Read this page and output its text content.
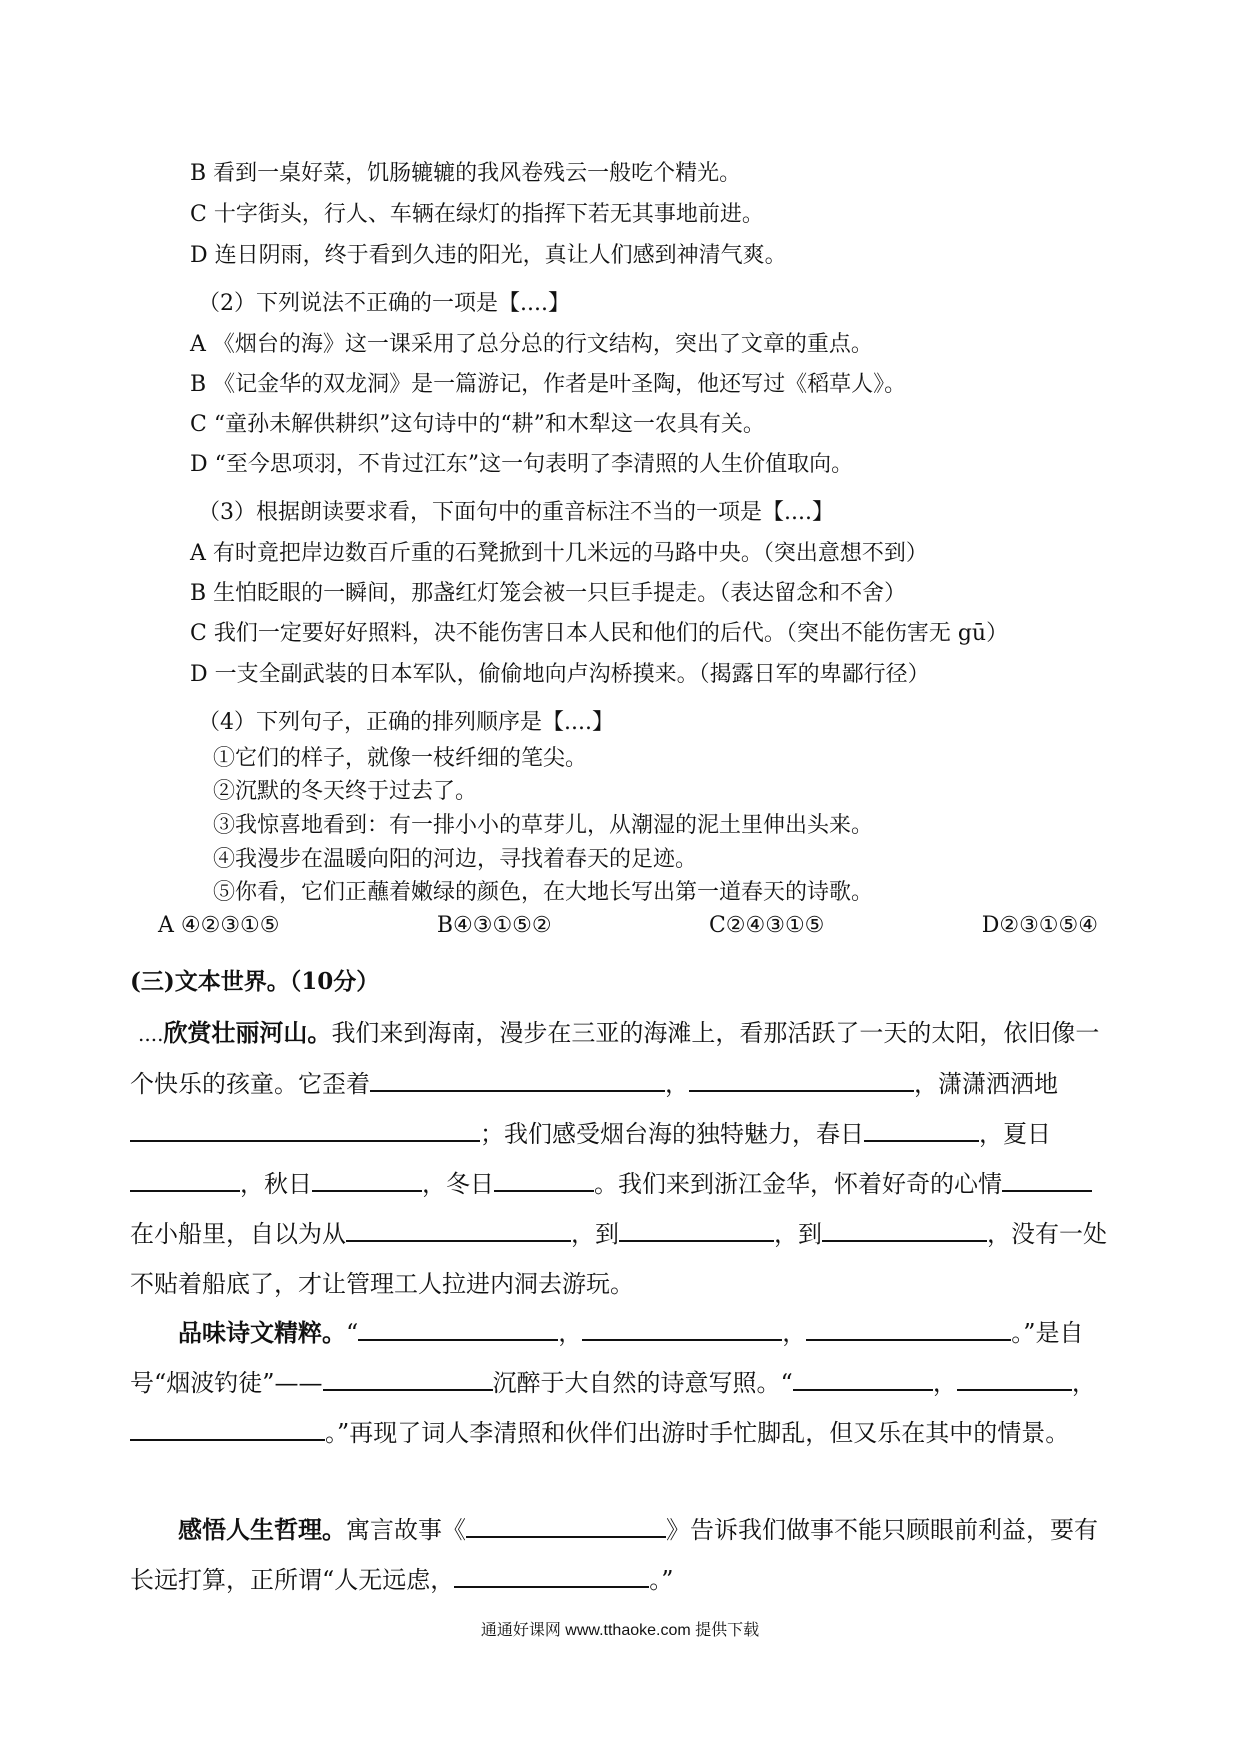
B 看到一桌好菜，饥肠辘辘的我风卷残云一般吃个精光。
C 十字街头，行人、车辆在绿灯的指挥下若无其事地前进。
D 连日阴雨，终于看到久违的阳光，真让人们感到神清气爽。
（2）下列说法不正确的一项是【....】
A 《烟台的海》这一课采用了总分总的行文结构，突出了文章的重点。
B 《记金华的双龙洞》是一篇游记，作者是叶圣陶，他还写过《稻草人》。
C “童孙未解供耕织”这句诗中的“耕”和木犁这一农具有关。
D “至今思项羽，不肯过江东”这一句表明了李清照的人生价值取向。
（3）根据朗读要求看，下面句中的重音标注不当的一项是【....】
A 有时竟把岸边数百斤重的石凳掀到十几米远的马路中央。（突出意想不到）
B 生怕眨眼的一瞬间，那盏红灯笼会被一只巨手提走。（表达留念和不舍）
C 我们一定要好好照料，决不能伤害日本人民和他们的后代。（突出不能伤害无 gū）
D 一支全副武装的日本军队，偷偷地向卢沟桥摸来。（揭露日军的卑鄙行径）
（4）下列句子，正确的排列顺序是【....】
①它们的样子，就像一枝纤细的笔尖。
②沉默的冬天终于过去了。
③我惊喜地看到：有一排小小的草芽儿，从潮湿的泥土里伸出头来。
④我漫步在温暖向阳的河边，寻找着春天的足迹。
⑤你看，它们正蘸着嫩绿的颜色，在大地长写出第一道春天的诗歌。
A ④②③①⑤	B④③①⑤②	C②④③①⑤	D②③①⑤④
(三)文本世界。（10分）
....欣赏壮丽河山。我们来到海南，漫步在三亚的海滩上，看那活跃了一天的太阳，依旧像一个快乐的孩童。它歪着	，	，潇潇洒洒地；我们感受烟台海的独特魅力，春日	，夏日，秋日	，冬日	。我们来到浙江金华，怀着好奇的心情在小船里，自以为从	，到	，到	，没有一处不贴着船底了，才让管理工人拉进内洞去游玩。
品味诗文精粹。“	，	，	。”是自号“烟波钓徒”——	沉醉于大自然的诗意写照。“	，	，。”再现了词人李清照和伙伴们出游时手忙脚乱，但又乐在其中的情景。
感悟人生哲理。寓言故事《	》告诉我们做事不能只顾眼前利益，要有长远打算，正所谓“人无远虑，	。”
通通好课网 www.tthaoke.com 提供下载
